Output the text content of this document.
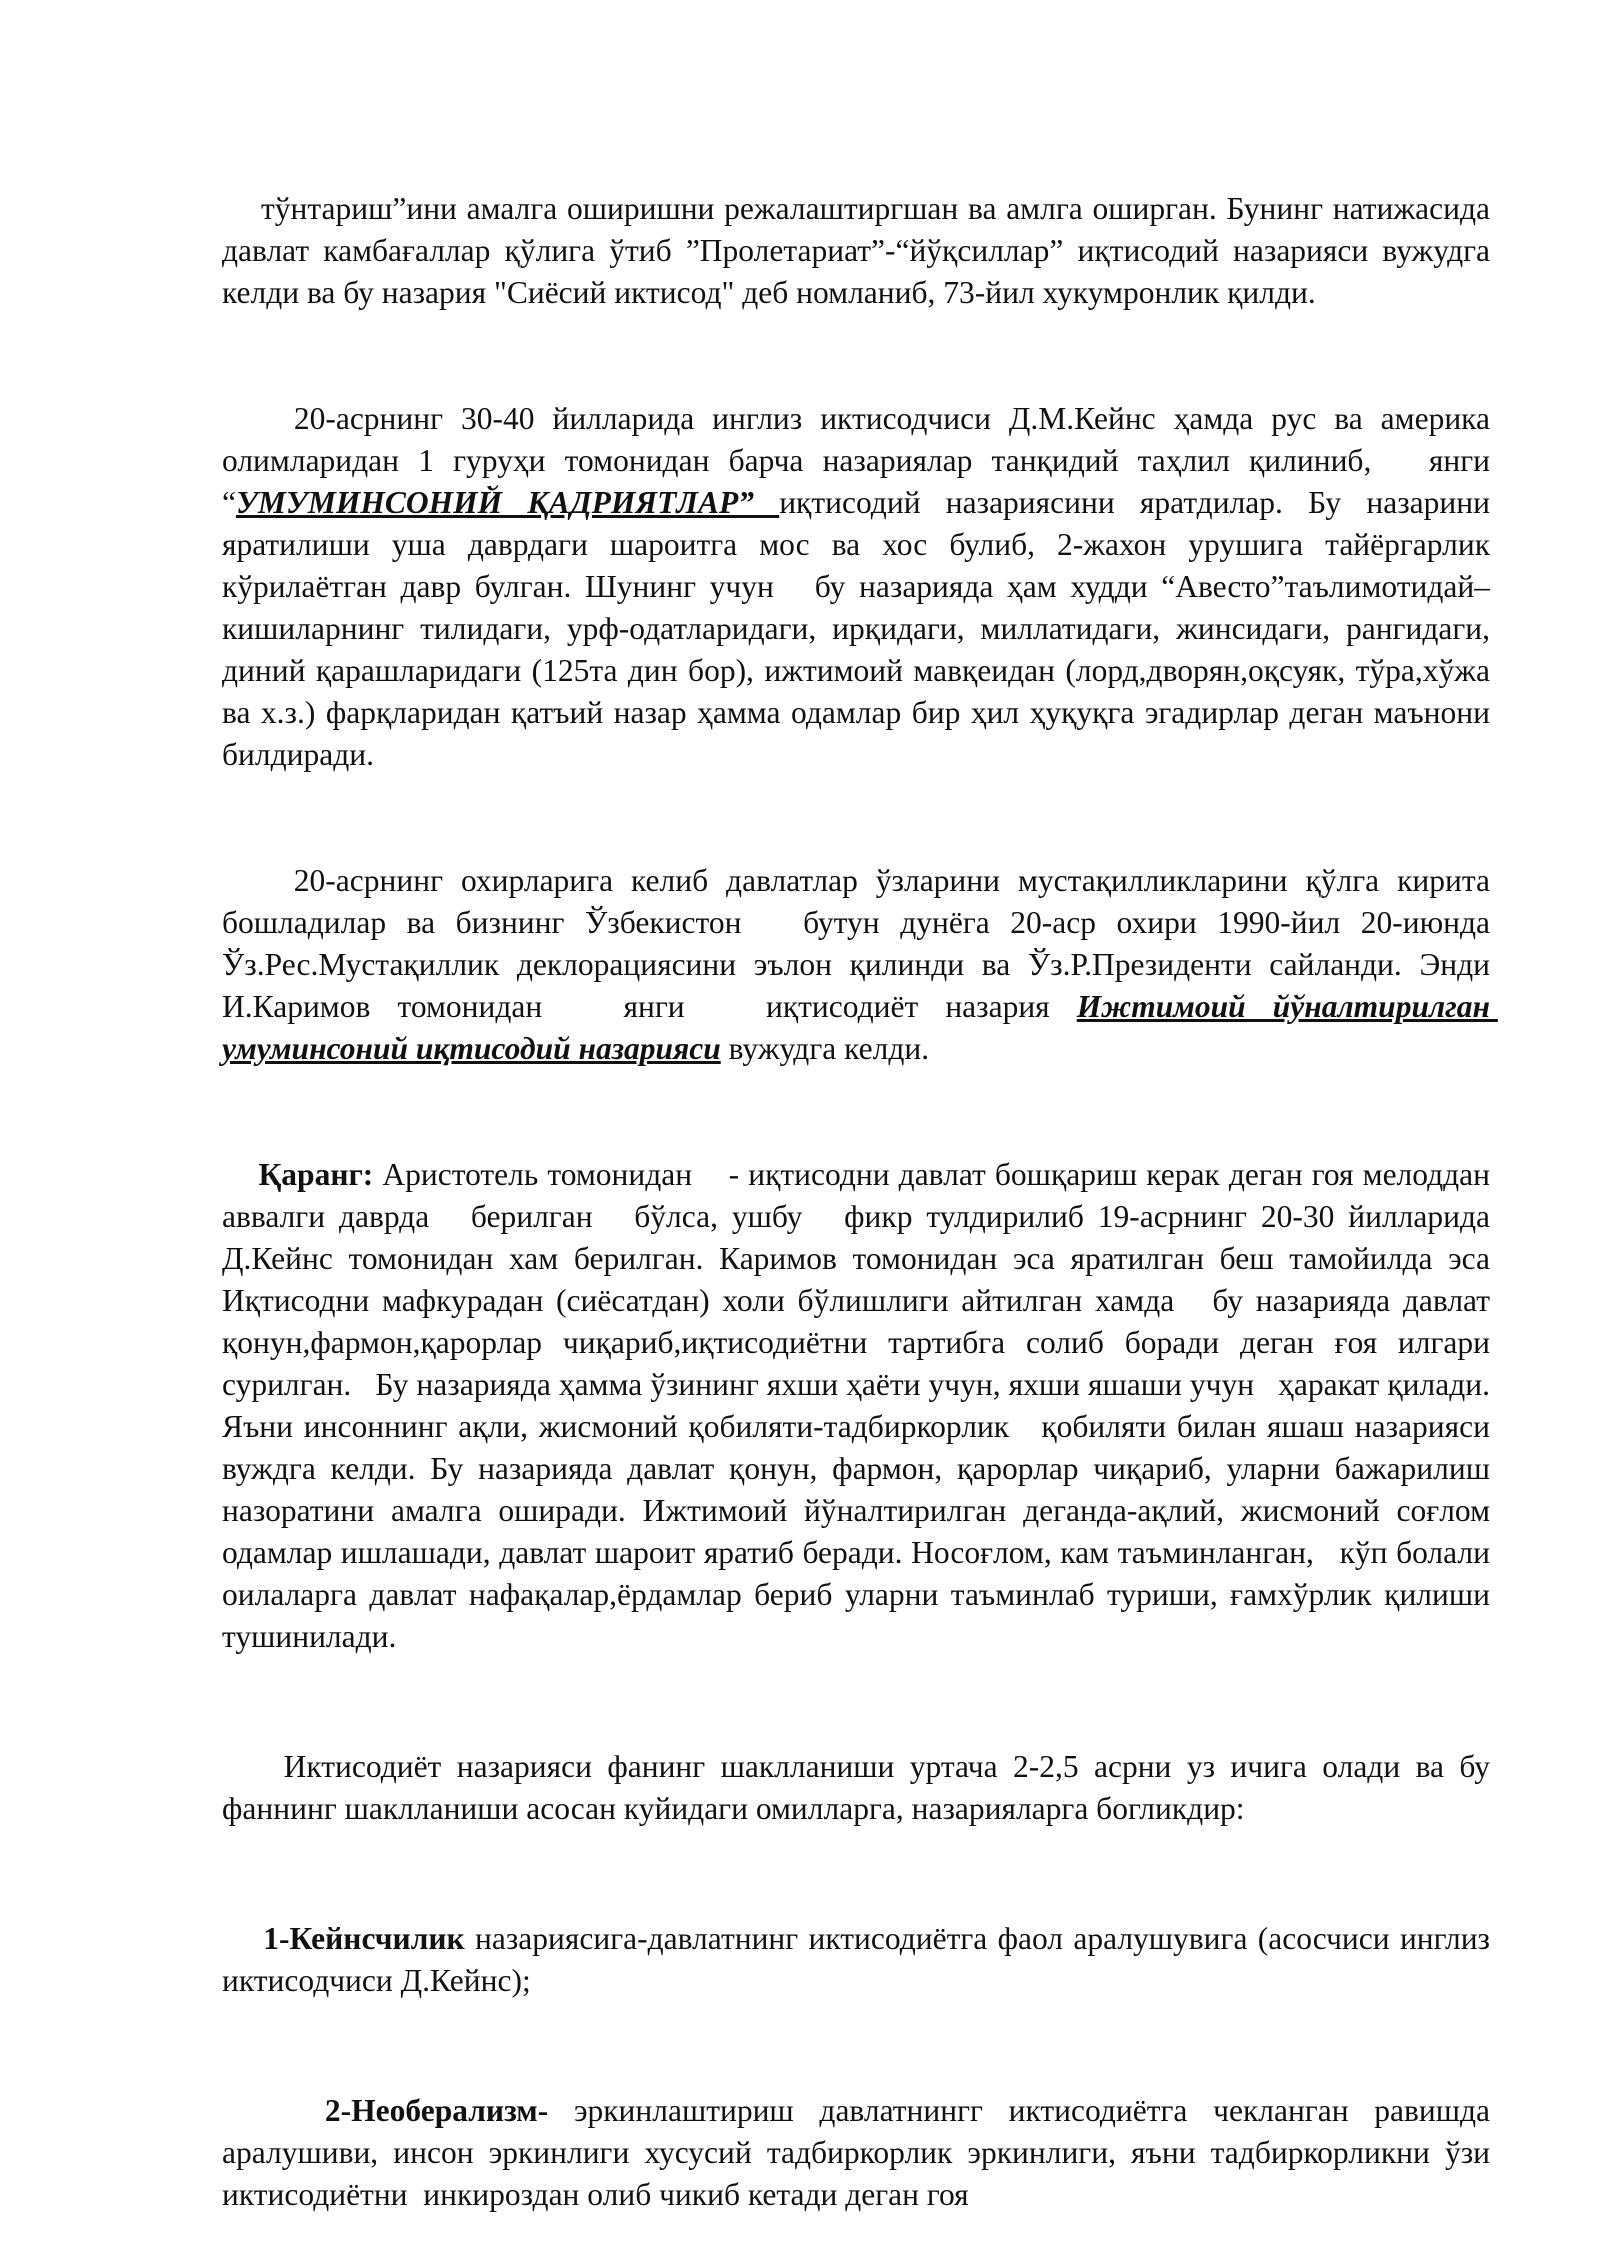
тўнтариш”ини амалга оширишни режалаштиргшан ва амлга оширган. Бунинг натижасида давлат камбағаллар қўлига ўтиб ”Пролетариат”-“йўқсиллар” иқтисодий назарияси вужудга келди ва бу назария "Сиёсий иктисод" деб номланиб, 73-йил хукумронлик қилди.

20-асрнинг 30-40 йилларида инглиз иктисодчиси Д.М.Кейнс ҳамда рус ва америка олимларидан 1 гуруҳи томонидан барча назариялар танқидий таҳлил қилиниб,   янги “УМУМИНСОНИЙ ҚАДРИЯТЛАР” иқтисодий назариясини яратдилар. Бу назарини яратилиши уша даврдаги шароитга мос ва хос булиб, 2-жахон урушига тайёргарлик кўрилаётган давр булган. Шунинг учун   бу назарияда ҳам худди “Авесто”таълимотидай–кишиларнинг тилидаги, урф-одатларидаги, ирқидаги, миллатидаги, жинсидаги, рангидаги, диний қарашларидаги (125та дин бор), ижтимоий мавқеидан (лорд,дворян,оқсуяк, тўра,хўжа ва х.з.) фарқларидан қатъий назар ҳамма одамлар бир ҳил ҳуқуқга эгадирлар деган маънони билдиради.

20-асрнинг охирларига келиб давлатлар ўзларини мустақилликларини қўлга кирита бошладилар ва бизнинг Ўзбекистон   бутун дунёга 20-аср охири 1990-йил 20-июнда Ўз.Рес.Мустақиллик деклорациясини эълон қилинди ва Ўз.Р.Президенти сайланди. Энди И.Каримов томонидан   янги   иқтисодиёт назария Ижтимоий йўналтирилган умуминсоний иқтисодий назарияси вужудга келди.

Қаранг: Аристотель томонидан    - иқтисодни давлат бошқариш керак деган гоя мелоддан аввалги даврда   берилган   бўлса, ушбу   фикр тулдирилиб 19-асрнинг 20-30 йилларида Д.Кейнс томонидан хам берилган. Каримов томонидан эса яратилган беш тамойилда эса Иқтисодни мафкурадан (сиёсатдан) холи бўлишлиги айтилган хамда   бу назарияда давлат қонун,фармон,қарорлар чиқариб,иқтисодиётни тартибга солиб боради деган ғоя илгари сурилган.   Бу назарияда ҳамма ўзининг яхши ҳаёти учун, яхши яшаши учун   ҳаракат қилади. Яъни инсоннинг ақли, жисмоний қобиляти-тадбиркорлик   қобиляти билан яшаш назарияси вуждга келди. Бу назарияда давлат қонун, фармон, қарорлар чиқариб, уларни бажарилиш назоратини амалга оширади. Ижтимоий йўналтирилган деганда-ақлий, жисмоний соғлом одамлар ишлашади, давлат шароит яратиб беради. Носоғлом, кам таъминланган,   кўп болали оилаларга давлат нафақалар,ёрдамлар бериб уларни таъминлаб туриши, ғамхўрлик қилиши тушинилади.

Иктисодиёт назарияси фанинг шаклланиши уртача 2-2,5 асрни уз ичига олади ва бу фаннинг шаклланиши асосан куйидаги омилларга, назарияларга богликдир:

1-Кейнсчилик назариясига-давлатнинг иктисодиётга фаол аралушувига (асосчиси инглиз иктисодчиси Д.Кейнс);

2-Необерализм- эркинлаштириш давлатнингг иктисодиётга чекланган равишда аралушиви, инсон эркинлиги хусусий тадбиркорлик эркинлиги, яъни тадбиркорликни ўзи иктисодиётни  инкироздан олиб чикиб кетади деган гоя
